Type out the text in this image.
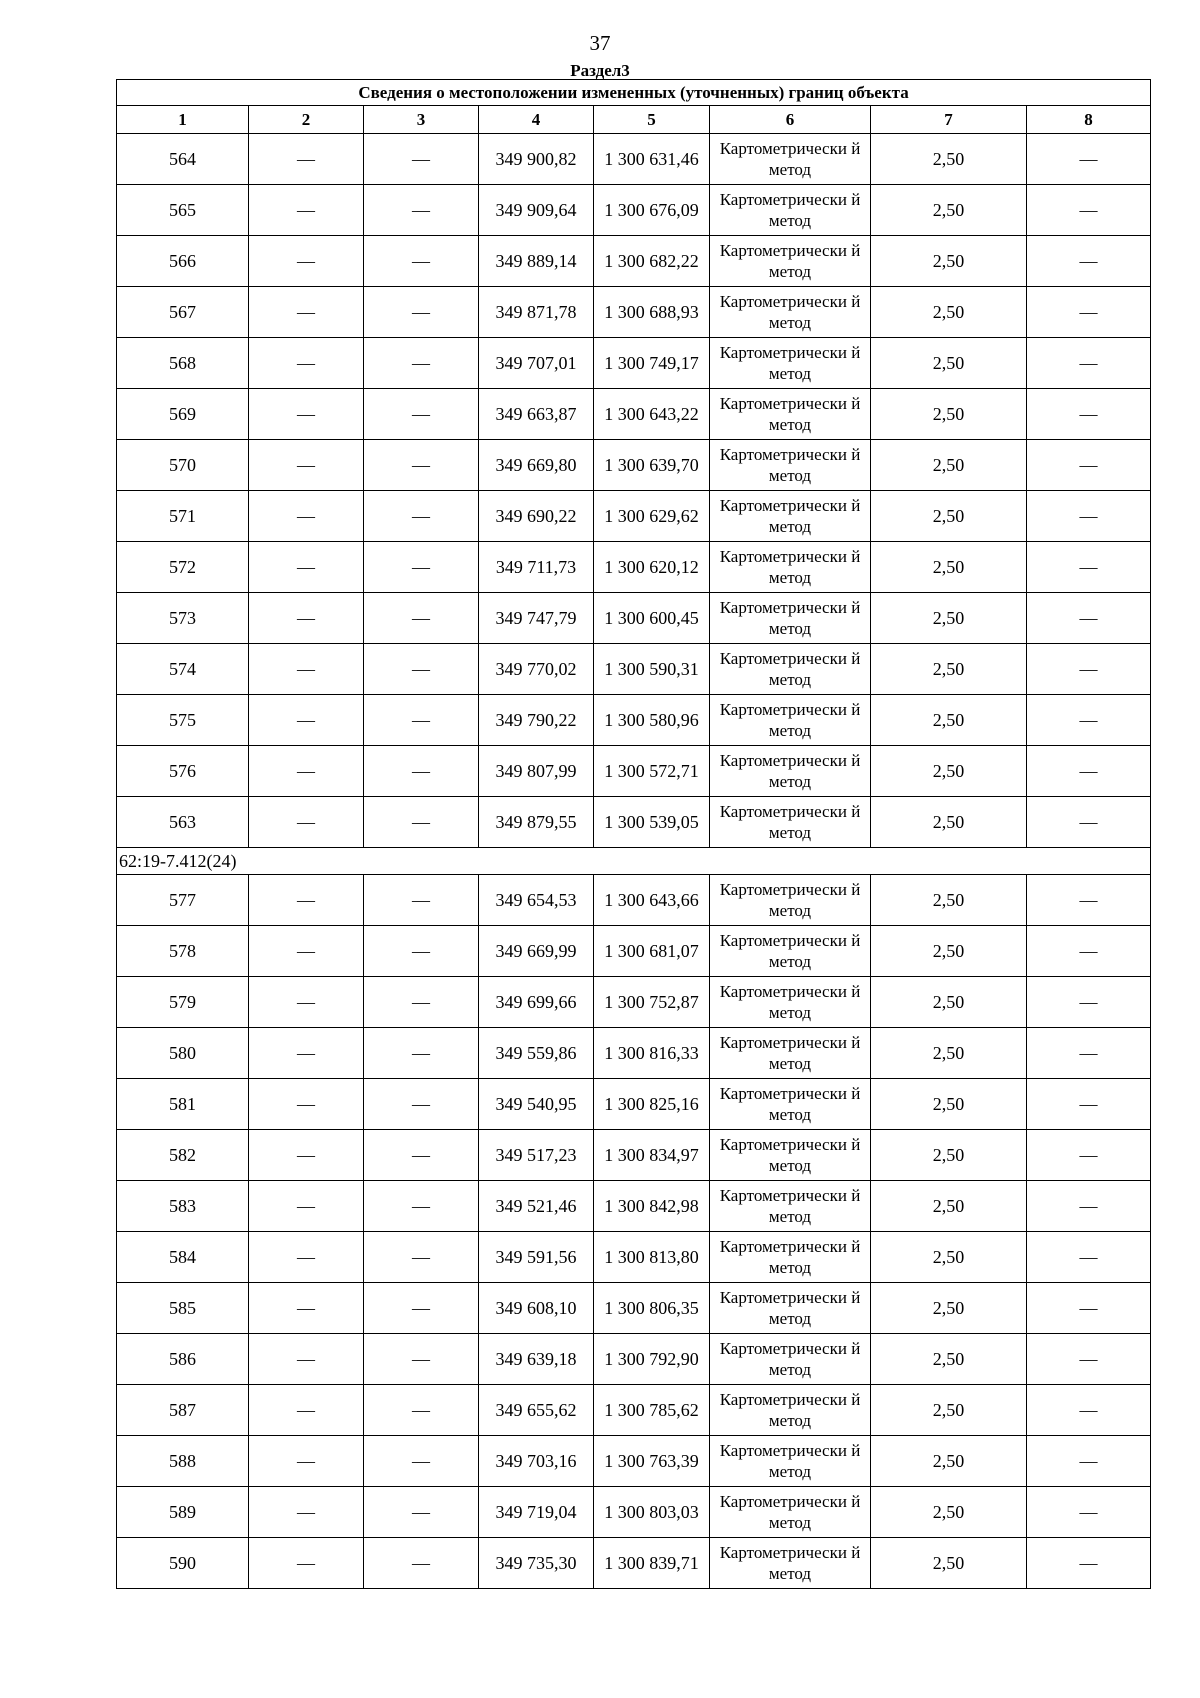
37
Раздел3
Сведения о местоположении измененных (уточненных) границ объекта							
1	2	3	4	5	6	7	8
564	—	—	349 900,82	1 300 631,46	Картометрически й метод	2,50	—
565	—	—	349 909,64	1 300 676,09	Картометрически й метод	2,50	—
566	—	—	349 889,14	1 300 682,22	Картометрически й метод	2,50	—
567	—	—	349 871,78	1 300 688,93	Картометрически й метод	2,50	—
568	—	—	349 707,01	1 300 749,17	Картометрически й метод	2,50	—
569	—	—	349 663,87	1 300 643,22	Картометрически й метод	2,50	—
570	—	—	349 669,80	1 300 639,70	Картометрически й метод	2,50	—
571	—	—	349 690,22	1 300 629,62	Картометрически й метод	2,50	—
572	—	—	349 711,73	1 300 620,12	Картометрически й метод	2,50	—
573	—	—	349 747,79	1 300 600,45	Картометрически й метод	2,50	—
574	—	—	349 770,02	1 300 590,31	Картометрически й метод	2,50	—
575	—	—	349 790,22	1 300 580,96	Картометрически й метод	2,50	—
576	—	—	349 807,99	1 300 572,71	Картометрически й метод	2,50	—
563	—	—	349 879,55	1 300 539,05	Картометрически й метод	2,50	—
62:19-7.412(24)							
577	—	—	349 654,53	1 300 643,66	Картометрически й метод	2,50	—
578	—	—	349 669,99	1 300 681,07	Картометрически й метод	2,50	—
579	—	—	349 699,66	1 300 752,87	Картометрически й метод	2,50	—
580	—	—	349 559,86	1 300 816,33	Картометрически й метод	2,50	—
581	—	—	349 540,95	1 300 825,16	Картометрически й метод	2,50	—
582	—	—	349 517,23	1 300 834,97	Картометрически й метод	2,50	—
583	—	—	349 521,46	1 300 842,98	Картометрически й метод	2,50	—
584	—	—	349 591,56	1 300 813,80	Картометрически й метод	2,50	—
585	—	—	349 608,10	1 300 806,35	Картометрически й метод	2,50	—
586	—	—	349 639,18	1 300 792,90	Картометрически й метод	2,50	—
587	—	—	349 655,62	1 300 785,62	Картометрически й метод	2,50	—
588	—	—	349 703,16	1 300 763,39	Картометрически й метод	2,50	—
589	—	—	349 719,04	1 300 803,03	Картометрически й метод	2,50	—
590	—	—	349 735,30	1 300 839,71	Картометрически й метод	2,50	—
